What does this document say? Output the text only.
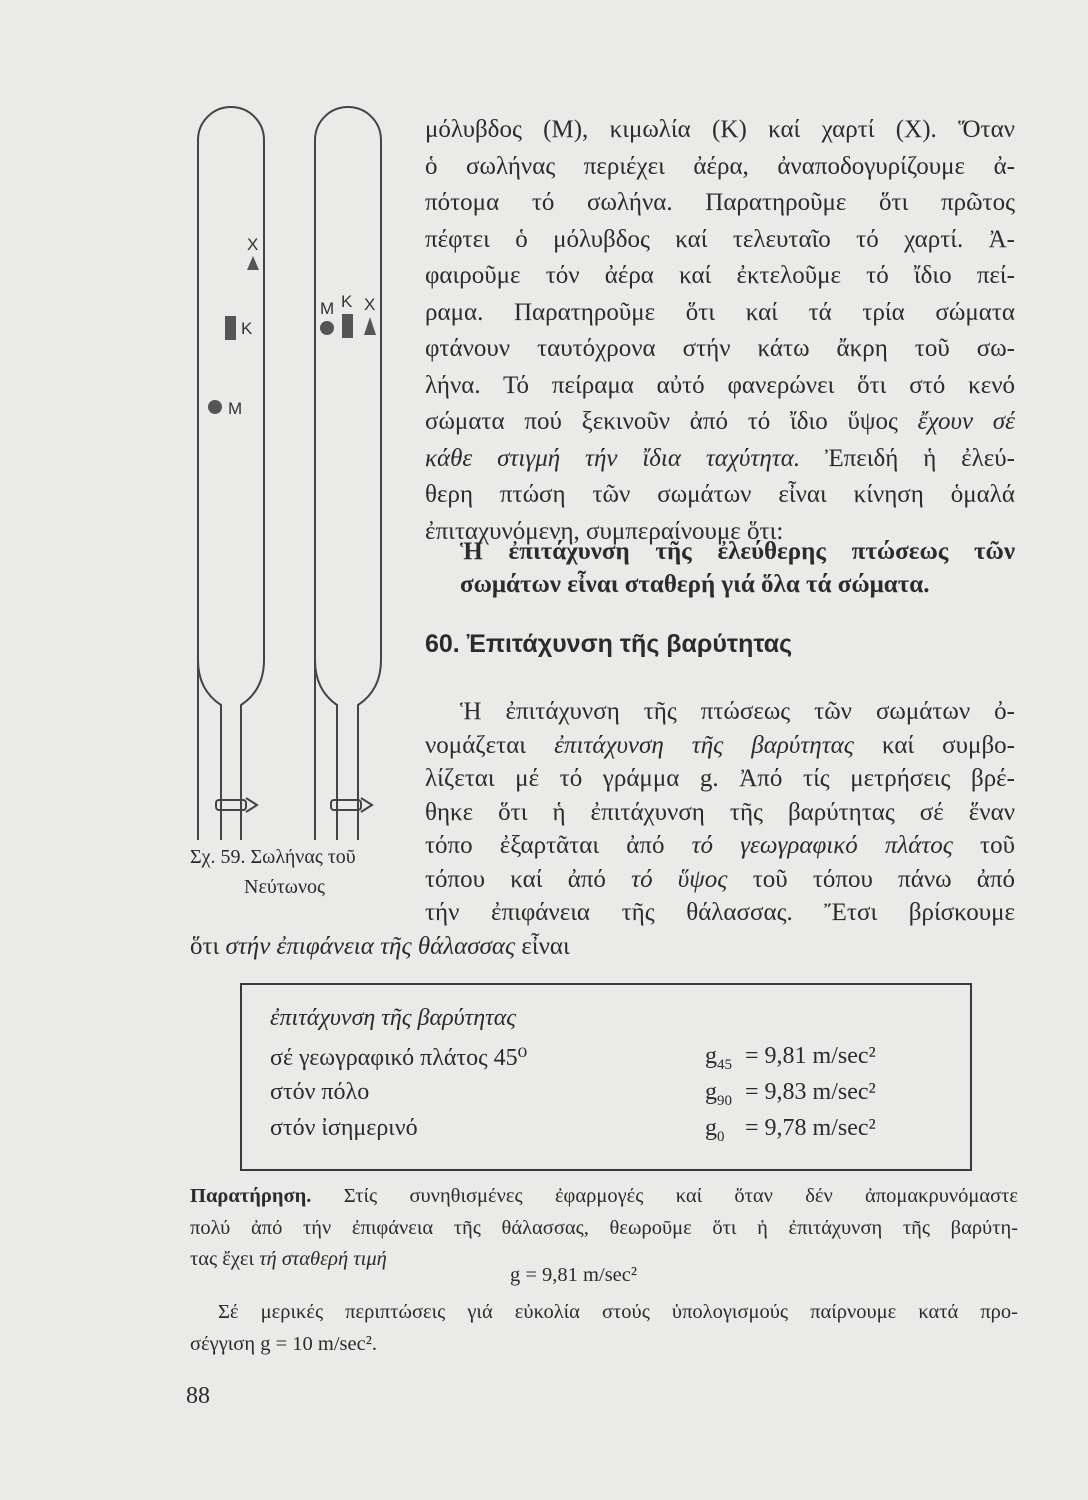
Χ
Κ
Μ
Μ Κ Χ
Σχ. 59. Σωλήνας τοῦ
Νεύτωνος
μόλυβδος (Μ), κιμωλία (Κ) καί χαρτί (Χ). Ὅταν
ὁ σωλήνας περιέχει ἀέρα, ἀναποδογυρίζουμε ἀ-
πότομα τό σωλήνα. Παρατηροῦμε ὅτι πρῶτος
πέφτει ὁ μόλυβδος καί τελευταῖο τό χαρτί. Ἀ-
φαιροῦμε τόν ἀέρα καί ἐκτελοῦμε τό ἴδιο πεί-
ραμα. Παρατηροῦμε ὅτι καί τά τρία σώματα
φτάνουν ταυτόχρονα στήν κάτω ἄκρη τοῦ σω-
λήνα. Τό πείραμα αὐτό φανερώνει ὅτι στό κενό
σώματα πού ξεκινοῦν ἀπό τό ἴδιο ὕψος ἔχουν σέ
κάθε στιγμή τήν ἴδια ταχύτητα. Ἐπειδή ἡ ἐλεύ-
θερη πτώση τῶν σωμάτων εἶναι κίνηση ὁμαλά
ἐπιταχυνόμενη, συμπεραίνουμε ὅτι:
Ἡ ἐπιτάχυνση τῆς πτώσεως τῶν σωμάτων ὀ-
νομάζεται ἐπιτάχυνση τῆς βαρύτητας καί συμβο-
λίζεται μέ τό γράμμα g. Ἀπό τίς μετρήσεις βρέ-
θηκε ὅτι ἡ ἐπιτάχυνση τῆς βαρύτητας σέ ἕναν
τόπο ἐξαρτᾶται ἀπό τό γεωγραφικό πλάτος τοῦ
τόπου καί ἀπό τό ὕψος τοῦ τόπου πάνω ἀπό
τήν ἐπιφάνεια τῆς θάλασσας. Ἔτσι βρίσκουμε
ὅτι στήν ἐπιφάνεια τῆς θάλασσας εἶναι
Παρατήρηση. Στίς συνηθισμένες ἐφαρμογές καί ὅταν δέν ἀπομακρυνόμαστε
πολύ ἀπό τήν ἐπιφάνεια τῆς θάλασσας, θεωροῦμε ὅτι ἡ ἐπιτάχυνση τῆς βαρύτη-
τας ἔχει τή σταθερή τιμή
g = 9,81 m/sec²
Σέ μερικές περιπτώσεις γιά εὐκολία στούς ὑπολογισμούς παίρνουμε κατά προ-
σέγγιση g = 10 m/sec².
Ἡ ἐπιτάχυνση τῆς ἐλεύθερης πτώσεως τῶν
σωμάτων εἶναι σταθερή γιά ὅλα τά σώματα.
60. Ἐπιτάχυνση τῆς βαρύτητας
ἐπιτάχυνση τῆς βαρύτητας
σέ γεωγραφικό πλάτος 45⁰	$g_{45} = 9,81$ m/sec²
στόν πόλο	$g_{90} = 9,83$ m/sec²
στόν ἰσημερινό	$g_0 = 9,78$ m/sec²
88
